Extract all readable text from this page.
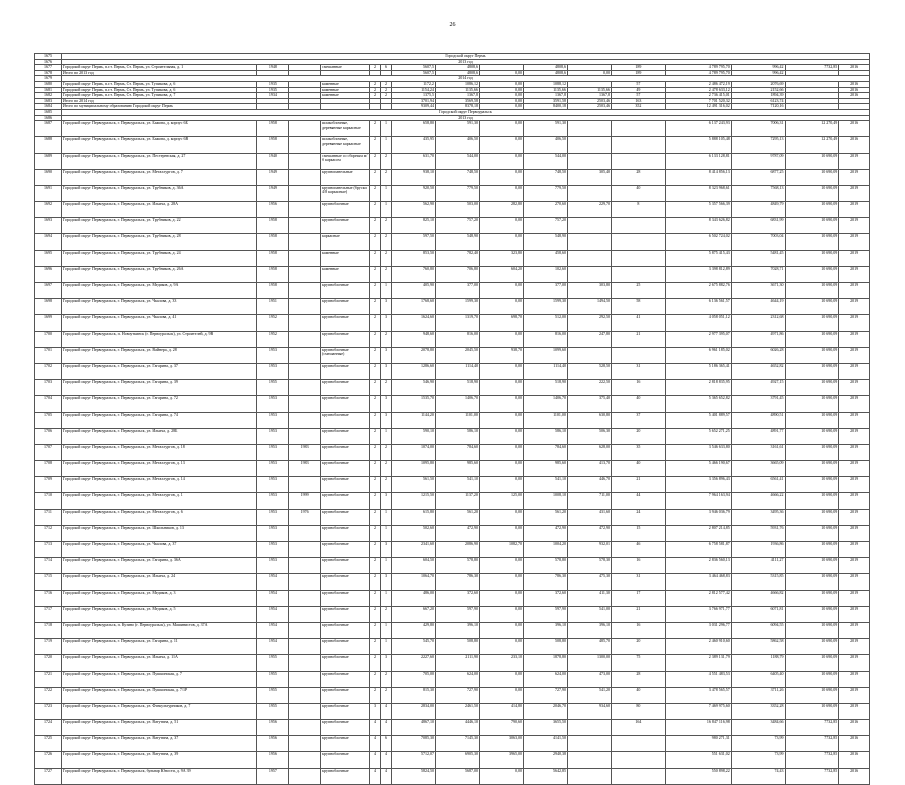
26
1675	Городской округ Пермь															
1676	2013 год															
1677	Городской округ Пермь, п.г.т. Пермь, Ст. Пермь, ул. Строительная, д. 1	1948		смешанные	2	6	5607,5	4808,6		4808,6		189	4 789 795,70	996,42	7732,85	2016
1678	Итого по 2013 год						5607,5	4808,6	0,00	4808,6	0,00	189	4 789 795,70	996,42		
1679	2014 год															
1680	Городской округ Пермь, п.г.т. Пермь, Ст. Пермь, ул. Тупикова, д. 6	1935		каменные	2	2	1172,2	1086,12	0,00	1088,12		57	2 486 472,19	2076,69		2016
1681	Городской округ Пермь, п.г.т. Пермь, Ст. Пермь, ул. Тупикова, д. 6	1935		каменные	2	2	1154,24	1135,66	0,00	1135,66	1135,66	49	2 478 633,12	2152,66		2016
1682	Городской округ Пермь, п.г.т. Пермь, Ст. Пермь, ул. Тупикова, д. 7	1934		каменные	2	2	1375,5	1367,8	0,00	1367,8	1367,8	57	2 736 415,01	1894,39		2016
1683	Итого по 2014 год						3701,94	3569,58	0,00	3591,58	2503,46	163	7 701 520,32	6123,74		
1684	Итого по муниципальному образованию Городской округ Пермь						9309,44	8378,18	0,00	8400,18	2503,46	352	12 491 316,02	7120,16		
1685	Городской округ Первоуральск															
1686	2013 год															
1687	Городской округ Первоуральск, г. Первоуральск, ул. Бажова, д. корпус 6Б	1958		шлакоблочные, деревянные каркасные	2	1	658,80	591,30	0,00	591,30			6 137 243,93	7006,31	12 270,49	2016
1688	Городской округ Первоуральск, г. Первоуральск, ул. Бажова, д. корпус 6В	1958		шлакоблочные, деревянные каркасные	2	1	435,95	406,50	0,00	406,50			5 888 105,48	7295,13	12 270,49	2016
1689	Городской округ Первоуральск, г. Первоуральск, ул. Пестеревская, д. 27	1940		смешанные со сборным м/б каркасом	2	2	631,70	544,00	0,00	544,00			6 133 128,81	9787,09	10 690,09	2019
1690	Городской округ Первоуральск, г. Первоуральск, ул. Металлургов, д. 7	1949		крупнопанельные	2	2	938,10	748,50	0,00	748,50	305,40	28	8 414 856,13	6877,25	10 690,09	2019
1691	Городской округ Первоуральск, г. Первоуральск, ул. Трубников, д. 36А	1949		крупнопанельные (бруски 4/8 каркасные)	2	1	920,50	779,50	0,00	779,50		40	8 323 968,61	7568,13	10 690,09	2019
1692	Городской округ Первоуральск, г. Первоуральск, ул. Ильича, д. 28А	1956		крупноблочные	2	1	562,90	503,00	282,80	270,60	229,70	8	5 357 566,39	4849,79	10 690,09	2019
1693	Городской округ Первоуральск, г. Первоуральск, ул. Трубников, д. 22	1958		крупноблочные	2	2	825,10	757,20	0,00	757,20			8 343 626,82	6831,99	10 690,09	2019
1694	Городской округ Первоуральск, г. Первоуральск, ул. Трубников, д. 28	1958		каркасные	2	2	597,50	548,90	0,00	548,90			6 502 724,02	7003,04	10 690,09	2019
1695	Городской округ Первоуральск, г. Первоуральск, ул. Трубников, д. 24	1958		каменные	2	2	853,50	782,40	323,80	458,60			5 875 415,43	5481,45	10 690,09	2019
1696	Городской округ Первоуральск, г. Первоуральск, ул. Трубников, д. 26А	1958		каменные	2	2	760,80	706,80	604,20	102,60			3 398 812,89	7028,71	10 690,09	2019
1697	Городской округ Первоуральск, г. Первоуральск, ул. Медиков, д. 9А	1958		крупноблочные	2	1	405,90	377,00	0,00	377,00	303,80	25	2 675 882,76	3671,30	10 690,09	2019
1698	Городской округ Первоуральск, г. Первоуральск, ул. Чкалова, д. 33	1951		крупноблочные	2	3	1768,60	1599,30	0,00	1599,30	1494,50	58	6 136 561,57	4644,19	10 690,09	2019
1699	Городской округ Первоуральск, г. Первоуральск, ул. Чкалова, д. 41	1952		крупноблочные	2	3	1624,60	1319,70	698,70	512,00	292,50	41	4 058 051,12	2312,68	10 690,09	2019
1700	Городской округ Первоуральск, п. Новоуткинск (г. Первоуральск), ул. Строителей, д. 9В	1952		крупноблочные	2	2	948,60	816,00	0,00	816,00	247,80	21	2 977 395,07	4971,86	10 690,09	2019
1701	Городской округ Первоуральск, г. Первоуральск, ул. Вайнера, д. 28	1953		крупноблочные (смешанные)	2	3	2078,80	2045,50	938,70	1099,60			6 961 185,02	6026,28	10 690,09	2019
1702	Городской округ Первоуральск, г. Первоуральск, ул. Гагарина, д. 37	1953		крупноблочные	2	3	1286,60	1114,40	0,00	1114,40	528,50	31	5 186 365,41	4652,82	10 690,09	2019
1703	Городской округ Первоуральск, г. Первоуральск, ул. Гагарина, д. 39	1955		крупноблочные	2	2	546,90	518,90	0,00	518,90	222,50	16	2 818 835,95	4927,15	10 690,09	2019
1704	Городской округ Первоуральск, г. Первоуральск, ул. Гагарина, д. 72	1953		крупноблочные	2	3	1535,70	1406,70	0,00	1406,70	375,40	40	5 365 652,82	3791,45	10 690,09	2019
1705	Городской округ Первоуральск, г. Первоуральск, ул. Гагарина, д. 74	1953		крупноблочные	2	3	1144,20	1101,00	0,00	1101,00	630,80	37	5 401 889,57	4890,51	10 690,09	2019
1706	Городской округ Первоуральск, г. Первоуральск, ул. Ильича, д. 28Б	1953		крупноблочные	2	1	590,10	586,10	0,00	586,10	506,30	20	5 652 271,25	4891,77	10 690,09	2019
1707	Городской округ Первоуральск, г. Первоуральск, ул. Металлургов, д. 18	1953	1983	крупноблочные	2	2	1074,00	784,60	0,00	784,60	628,00	35	3 546 633,80	3161,61	10 690,09	2019
1708	Городской округ Первоуральск, г. Первоуральск, ул. Металлургов, д. 13	1953	1983	крупноблочные	2	2	1095,80	985,60	0,00	985,60	413,70	40	5 466 190,67	3665,09	10 690,09	2019
1709	Городской округ Первоуральск, г. Первоуральск, ул. Металлургов, д. 14	1953		крупноблочные	2	2	561,50	541,10	0,00	541,10	446,70	21	3 356 896,43	6561,41	10 690,09	2019
1710	Городской округ Первоуральск, г. Первоуральск, ул. Металлургов, д. 1	1953	1999	крупноблочные	2	3	1215,50	1137,20	125,00	1008,10	711,00	44	7 964 163,94	4666,22	10 690,09	2019
1711	Городской округ Первоуральск, г. Первоуральск, ул. Металлургов, д. 6	1953	1976	крупноблочные	2	1	615,80	561,20	0,00	561,20	431,60	24	3 946 036,79	3495,36	10 690,09	2019
1712	Городской округ Первоуральск, г. Первоуральск, ул. Школьников, д. 13	1953		крупноблочные	2	1	502,60	472,90	0,00	472,90	472,90	15	2 807 214,85	5931,76	10 690,09	2019
1713	Городской округ Первоуральск, г. Первоуральск, ул. Чкалова, д. 37	1953		крупноблочные	2	3	2341,60	2086,90	1082,70	1004,20	932,01	46	6 758 581,87	1936,86	10 690,09	2019
1714	Городской округ Первоуральск, г. Первоуральск, ул. Гагарина, д. 36А	1953		крупноблочные	2	1	604,50	578,80	0,00	578,80	578,30	16	2 836 560,13	4111,27	10 690,09	2019
1715	Городской округ Первоуральск, г. Первоуральск, ул. Ильича, д. 24	1954		крупноблочные	2	3	1064,70	786,30	0,00	786,30	475,30	31	3 464 468,83	5315,85	10 690,09	2019
1716	Городской округ Первоуральск, г. Первоуральск, ул. Медиков, д. 3	1954		крупноблочные	2	1	486,00	372,60	0,00	372,60	411,30	17	2 812 577,42	4666,82	10 690,09	2019
1717	Городской округ Первоуральск, г. Первоуральск, ул. Медиков, д. 5	1954		крупноблочные	2	2	667,20	597,90	0,00	597,90	541,00	21	3 766 971,77	6071,81	10 690,09	2019
1718	Городской округ Первоуральск, п. Кузино (г. Первоуральск), ул. Машинистов, д. 37А	1954		крупноблочные	2	1	429,80	396,10	0,00	396,10	396,10	16	3 031 296,77	6094,55	10 690,09	2019
1719	Городской округ Первоуральск, г. Первоуральск, ул. Гагарина, д. 11	1954		крупноблочные	2	1	545,70	508,80	0,00	508,80	485,70	20	2 460 910,60	5862,58	10 690,09	2019
1720	Городской округ Первоуральск, г. Первоуральск, ул. Ильича, д. 11А	1955		крупноблочные	2	3	2227,60	2111,90	233,10	1878,80	1300,00	75	2 389 131,79	1188,79	10 690,09	2019
1721	Городской округ Первоуральск, г. Первоуральск, ул. Пушкинская, д. 7	1955		крупноблочные	2	2	705,00	624,00	0,00	624,00	473,00	28	4 551 483,53	6405,40	10 690,09	2019
1722	Городской округ Первоуральск, г. Первоуральск, ул. Пушкинская, д. 7/1Р	1955		крупноблочные	2	2	815,30	727,90	0,00	727,90	541,20	40	3 478 565,57	3711,26	10 690,09	2019
1723	Городской округ Первоуральск, г. Первоуральск, ул. Физкультурников, д. 7	1955		крупноблочные	3	4	2834,00	2461,50	414,80	2046,70	934,60	80	7 469 975,60	3352,28	10 690,09	2019
1724	Городской округ Первоуральск, г. Первоуральск, ул. Ватутина, д. 51	1956		крупноблочные	4	4	4867,10	4446,10	790,60	3655,50		164	16 847 116,98	3484,66	7732,85	2016
1725	Городской округ Первоуральск, г. Первоуральск, ул. Ватутина, д. 37	1956		крупноблочные	4	6	7085,30	7145,30	3063,00	4141,50			980 271,31	73,99	7732,85	2016
1726	Городской округ Первоуральск, г. Первоуральск, ул. Ватутина, д. 39	1956		крупноблочные	4	4	5712,07	6905,30	3965,00	2940,38			551 631,02	73,99	7732,85	2016
1727	Городской округ Первоуральск, г. Первоуральск, бульвар Юности, д. 9А 39	1957		крупноблочные	4	4	5824,50	5687,00	0,00	5642,85			550 898,22	74,43	7732,85	2016
